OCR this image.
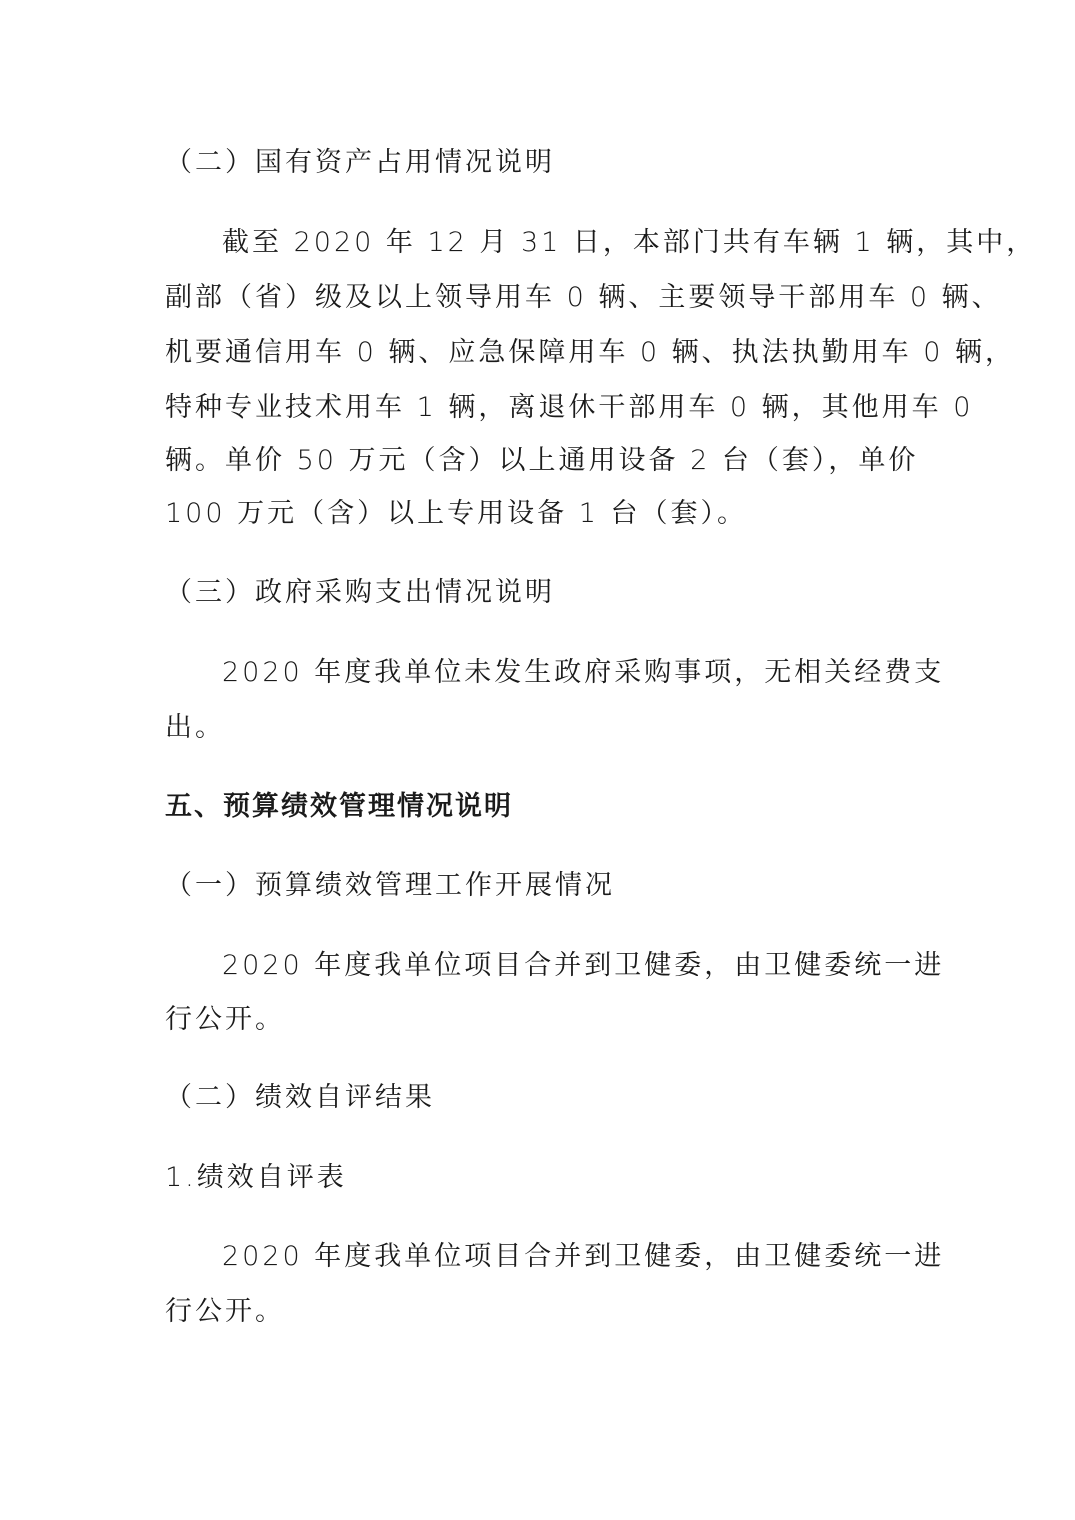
（二）国有资产占用情况说明
截至 2020 年 12 月 31 日，本部门共有车辆 1 辆，其中，
副部（省）级及以上领导用车 0 辆、主要领导干部用车 0 辆、
机要通信用车 0 辆、应急保障用车 0 辆、执法执勤用车 0 辆，
特种专业技术用车 1 辆，离退休干部用车 0 辆，其他用车 0
辆。单价 50 万元（含）以上通用设备 2 台（套），单价
100 万元（含）以上专用设备 1 台（套）。
（三）政府采购支出情况说明
2020 年度我单位未发生政府采购事项，无相关经费支
出。
五、预算绩效管理情况说明
（一）预算绩效管理工作开展情况
2020 年度我单位项目合并到卫健委，由卫健委统一进
行公开。
（二）绩效自评结果
1.绩效自评表
2020 年度我单位项目合并到卫健委，由卫健委统一进
行公开。
